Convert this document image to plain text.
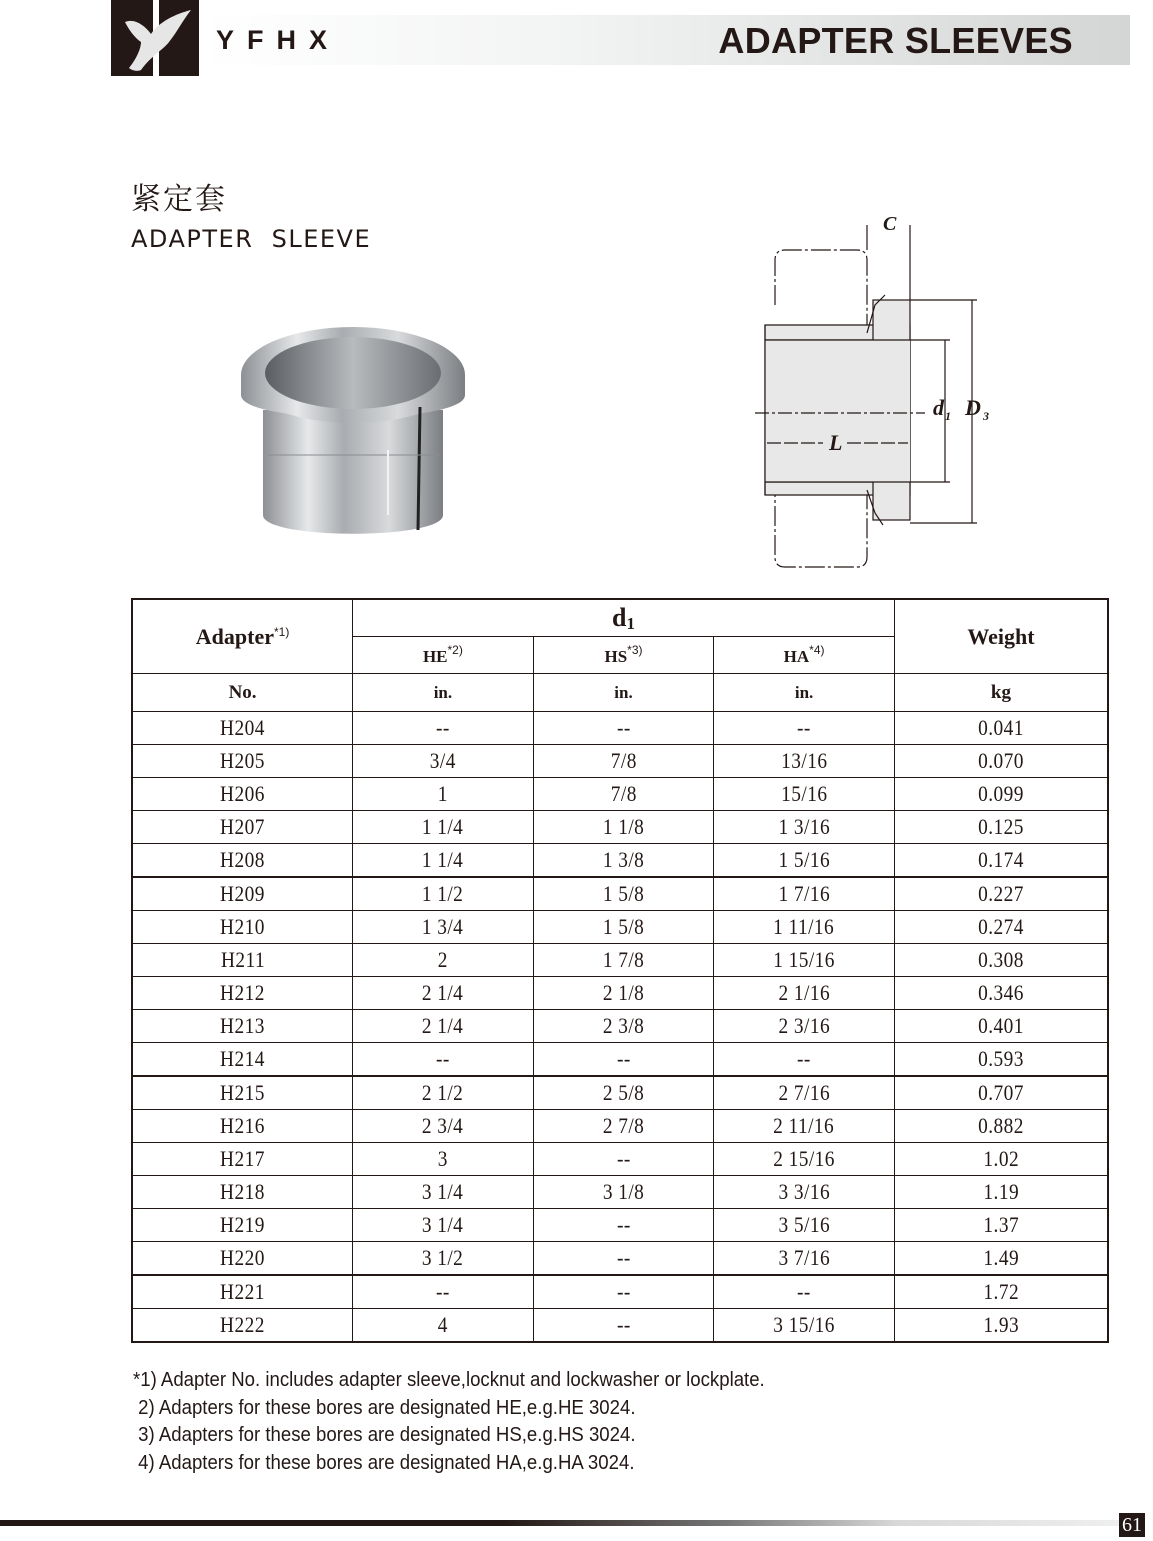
YFHX	ADAPTER SLEEVES
紧定套
ADAPTER  SLEEVE
C
d 1 D 3
L
Adapter$^{*1)}$	$d_1$			Weight
	HE$^{*2)}$	HS$^{*3)}$	HA$^{*4)}$
No.	in.	in.	in.	kg
H204	--	--	--	0.041
H205	3/4	7/8	13/16	0.070
H206	1	7/8	15/16	0.099
H207	1 1/4	1 1/8	1 3/16	0.125
H208	1 1/4	1 3/8	1 5/16	0.174
H209	1 1/2	1 5/8	1 7/16	0.227
H210	1 3/4	1 5/8	1 11/16	0.274
H211	2	1 7/8	1 15/16	0.308
H212	2 1/4	2 1/8	2 1/16	0.346
H213	2 1/4	2 3/8	2 3/16	0.401
H214	--	--	--	0.593
H215	2 1/2	2 5/8	2 7/16	0.707
H216	2 3/4	2 7/8	2 11/16	0.882
H217	3	--	2 15/16	1.02
H218	3 1/4	3 1/8	3 3/16	1.19
H219	3 1/4	--	3 5/16	1.37
H220	3 1/2	--	3 7/16	1.49
H221	--	--	--	1.72
H222	4	--	3 15/16	1.93
*1) Adapter No. includes adapter sleeve,locknut and lockwasher or lockplate.
2) Adapters for these bores are designated HE,e.g.HE 3024.
3) Adapters for these bores are designated HS,e.g.HS 3024.
4) Adapters for these bores are designated HA,e.g.HA 3024.
61
